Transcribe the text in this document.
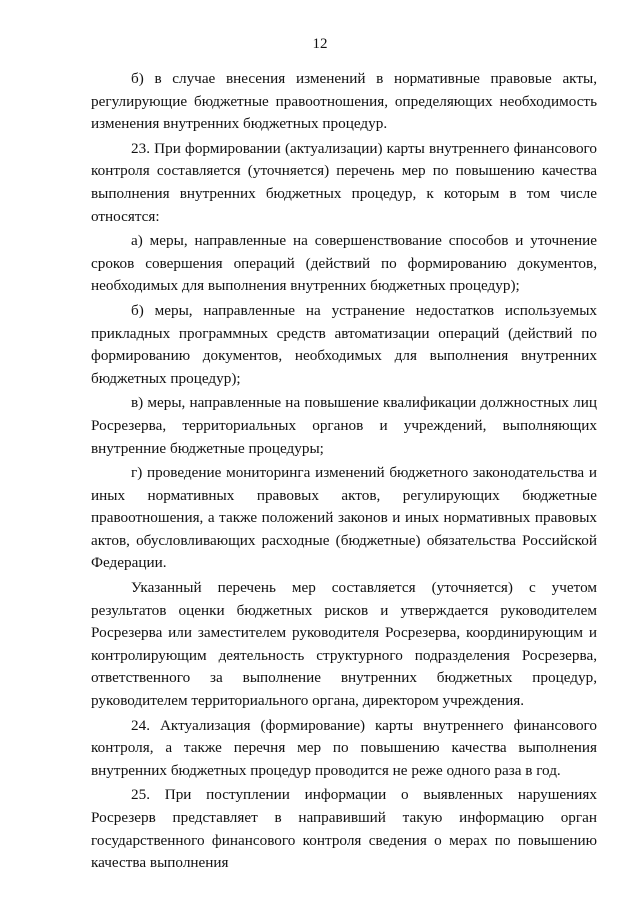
12

б) в случае внесения изменений в нормативные правовые акты, регулирующие бюджетные правоотношения, определяющих необходимость изменения внутренних бюджетных процедур.

23. При формировании (актуализации) карты внутреннего финансового контроля составляется (уточняется) перечень мер по повышению качества выполнения внутренних бюджетных процедур, к которым в том числе относятся:

а) меры, направленные на совершенствование способов и уточнение сроков совершения операций (действий по формированию документов, необходимых для выполнения внутренних бюджетных процедур);

б) меры, направленные на устранение недостатков используемых прикладных программных средств автоматизации операций (действий по формированию документов, необходимых для выполнения внутренних бюджетных процедур);

в) меры, направленные на повышение квалификации должностных лиц Росрезерва, территориальных органов и учреждений, выполняющих внутренние бюджетные процедуры;

г) проведение мониторинга изменений бюджетного законодательства и иных нормативных правовых актов, регулирующих бюджетные правоотношения, а также положений законов и иных нормативных правовых актов, обусловливающих расходные (бюджетные) обязательства Российской Федерации.

Указанный перечень мер составляется (уточняется) с учетом результатов оценки бюджетных рисков и утверждается руководителем Росрезерва или заместителем руководителя Росрезерва, координирующим и контролирующим деятельность структурного подразделения Росрезерва, ответственного за выполнение внутренних бюджетных процедур, руководителем территориального органа, директором учреждения.

24. Актуализация (формирование) карты внутреннего финансового контроля, а также перечня мер по повышению качества выполнения внутренних бюджетных процедур проводится не реже одного раза в год.

25. При поступлении информации о выявленных нарушениях Росрезерв представляет в направивший такую информацию орган государственного финансового контроля сведения о мерах по повышению качества выполнения
